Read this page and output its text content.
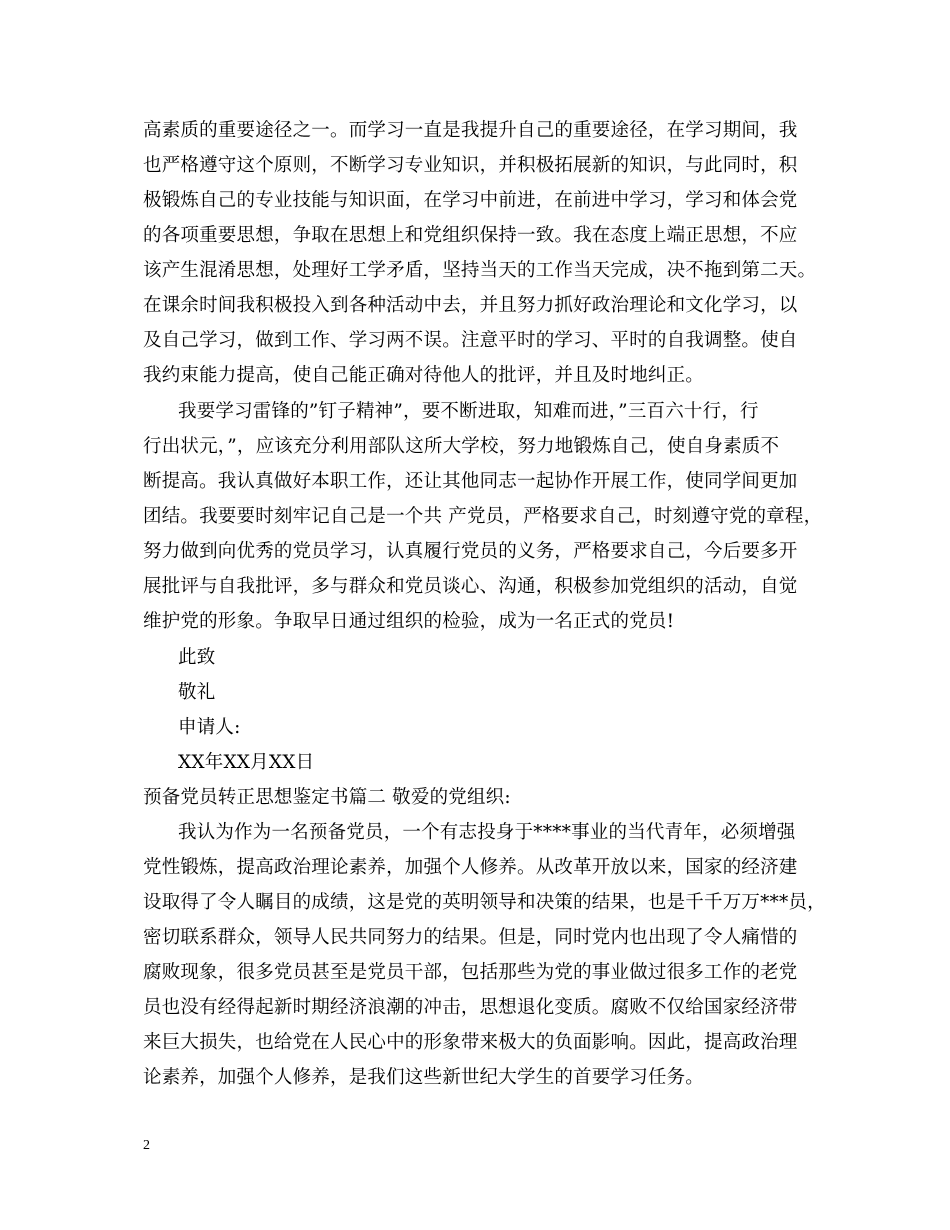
高素质的重要途径之一。而学习一直是我提升自己的重要途径，在学习期间，我
也严格遵守这个原则，不断学习专业知识，并积极拓展新的知识，与此同时，积
极锻炼自己的专业技能与知识面，在学习中前进，在前进中学习，学习和体会党
的各项重要思想，争取在思想上和党组织保持一致。我在态度上端正思想，不应
该产生混淆思想，处理好工学矛盾，坚持当天的工作当天完成，决不拖到第二天。
在课余时间我积极投入到各种活动中去，并且努力抓好政治理论和文化学习，以
及自己学习，做到工作、学习两不误。注意平时的学习、平时的自我调整。使自
我约束能力提高，使自己能正确对待他人的批评，并且及时地纠正。
我要学习雷锋的”钉子精神”，要不断进取，知难而进，”三百六十行，行
行出状元，”，应该充分利用部队这所大学校，努力地锻炼自己，使自身素质不
断提高。我认真做好本职工作，还让其他同志一起协作开展工作，使同学间更加
团结。我要要时刻牢记自己是一个共 产党员，严格要求自己，时刻遵守党的章程，
努力做到向优秀的党员学习，认真履行党员的义务，严格要求自己，今后要多开
展批评与自我批评，多与群众和党员谈心、沟通，积极参加党组织的活动，自觉
维护党的形象。争取早日通过组织的检验，成为一名正式的党员!
此致
敬礼
申请人:
XX年XX月XX日
预备党员转正思想鉴定书篇二 敬爱的党组织:
我认为作为一名预备党员，一个有志投身于****事业的当代青年，必须增强
党性锻炼，提高政治理论素养，加强个人修养。从改革开放以来，国家的经济建
设取得了令人瞩目的成绩，这是党的英明领导和决策的结果，也是千千万万***员，
密切联系群众，领导人民共同努力的结果。但是，同时党内也出现了令人痛惜的
腐败现象，很多党员甚至是党员干部，包括那些为党的事业做过很多工作的老党
员也没有经得起新时期经济浪潮的冲击，思想退化变质。腐败不仅给国家经济带
来巨大损失，也给党在人民心中的形象带来极大的负面影响。因此，提高政治理
论素养，加强个人修养，是我们这些新世纪大学生的首要学习任务。
2
